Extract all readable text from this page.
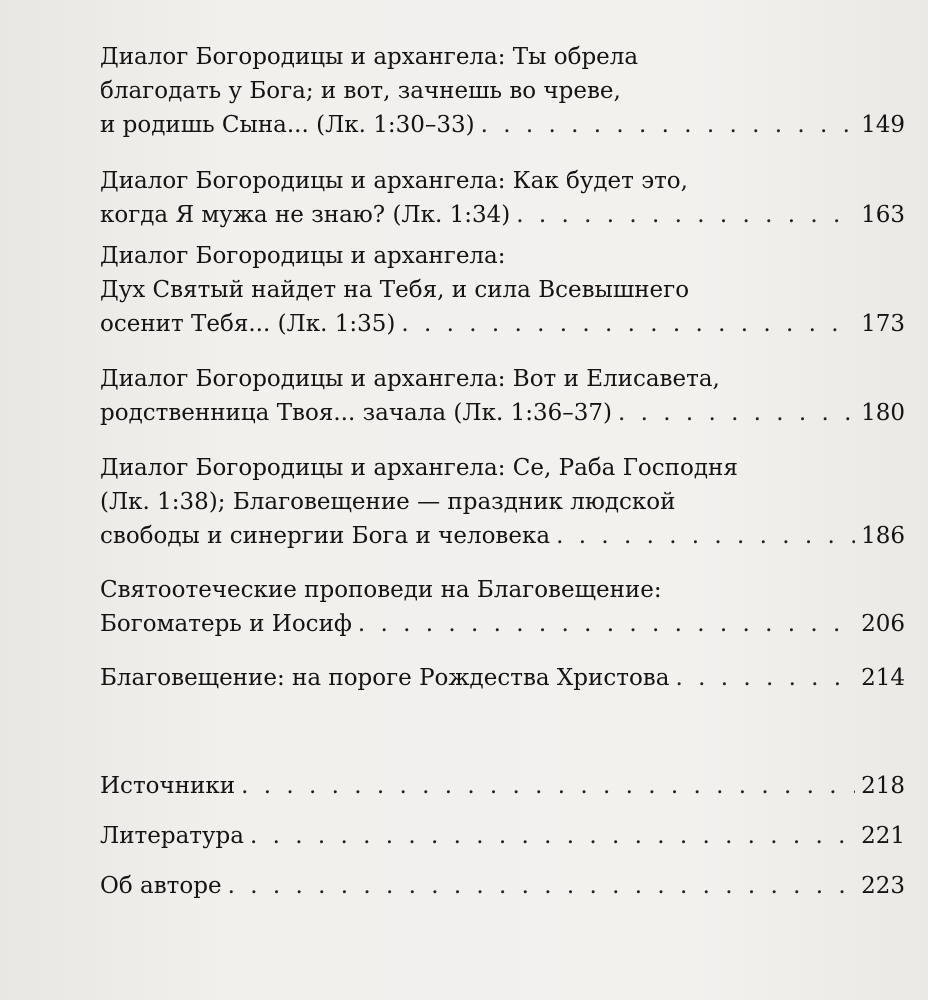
Диалог Богородицы и архангела: Ты обрела
благодать у Бога; и вот, зачнешь во чреве,
и родишь Сына... (Лк. 1:30–33) . . .	149
Диалог Богородицы и архангела: Как будет это,
когда Я мужа не знаю? (Лк. 1:34) . . .	163
Диалог Богородицы и архангела:
Дух Святый найдет на Тебя, и сила Всевышнего
осенит Тебя... (Лк. 1:35) . . .	173
Диалог Богородицы и архангела: Вот и Елисавета,
родственница Твоя... зачала (Лк. 1:36–37) . . .	180
Диалог Богородицы и архангела: Се, Раба Господня
(Лк. 1:38); Благовещение — праздник людской
свободы и синергии Бога и человека . . .	186
Святоотеческие проповеди на Благовещение:
Богоматерь и Иосиф . . .	206
Благовещение: на пороге Рождества Христова . . .	214
Источники . . .	218
Литература . . .	221
Об авторе . . .	223
